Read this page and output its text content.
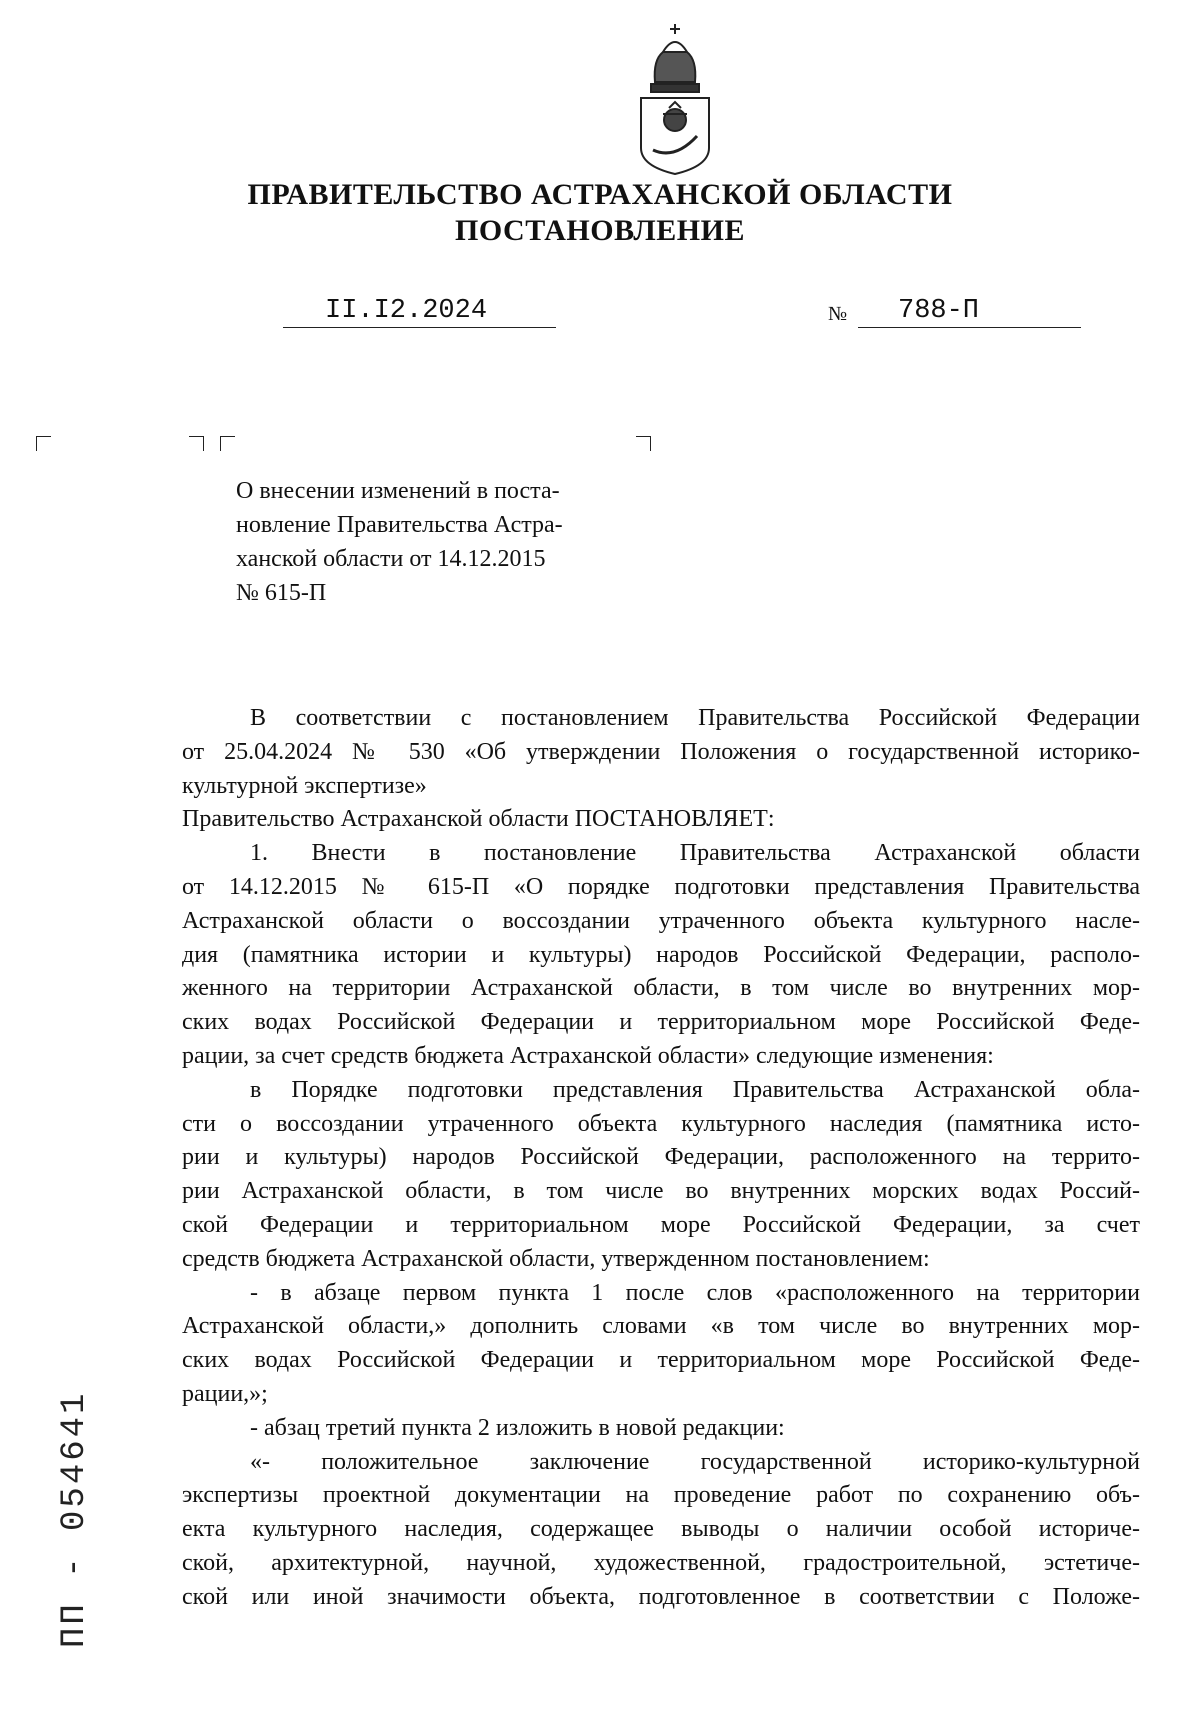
ПРАВИТЕЛЬСТВО АСТРАХАНСКОЙ ОБЛАСТИ
ПОСТАНОВЛЕНИЕ
II.I2.2024	№ 788-П
О внесении изменений в поста-
новление Правительства Астра-
ханской области от 14.12.2015
№ 615-П
В соответствии с постановлением Правительства Российской Федерации
от 25.04.2024 № 530 «Об утверждении Положения о государственной историко-
культурной экспертизе»
Правительство Астраханской области ПОСТАНОВЛЯЕТ:
1. Внести в постановление Правительства Астраханской области
от 14.12.2015 № 615-П «О порядке подготовки представления Правительства
Астраханской области о воссоздании утраченного объекта культурного насле-
дия (памятника истории и культуры) народов Российской Федерации, располо-
женного на территории Астраханской области, в том числе во внутренних мор-
ских водах Российской Федерации и территориальном море Российской Феде-
рации, за счет средств бюджета Астраханской области» следующие изменения:
в Порядке подготовки представления Правительства Астраханской обла-
сти о воссоздании утраченного объекта культурного наследия (памятника исто-
рии и культуры) народов Российской Федерации, расположенного на террито-
рии Астраханской области, в том числе во внутренних морских водах Россий-
ской Федерации и территориальном море Российской Федерации, за счет
средств бюджета Астраханской области, утвержденном постановлением:
- в абзаце первом пункта 1 после слов «расположенного на территории
Астраханской области,» дополнить словами «в том числе во внутренних мор-
ских водах Российской Федерации и территориальном море Российской Феде-
рации,»;
- абзац третий пункта 2 изложить в новой редакции:
«- положительное заключение государственной историко-культурной
экспертизы проектной документации на проведение работ по сохранению объ-
екта культурного наследия, содержащее выводы о наличии особой историче-
ской, архитектурной, научной, художественной, градостроительной, эстетиче-
ской или иной значимости объекта, подготовленное в соответствии с Положе-
ПП - 054641
